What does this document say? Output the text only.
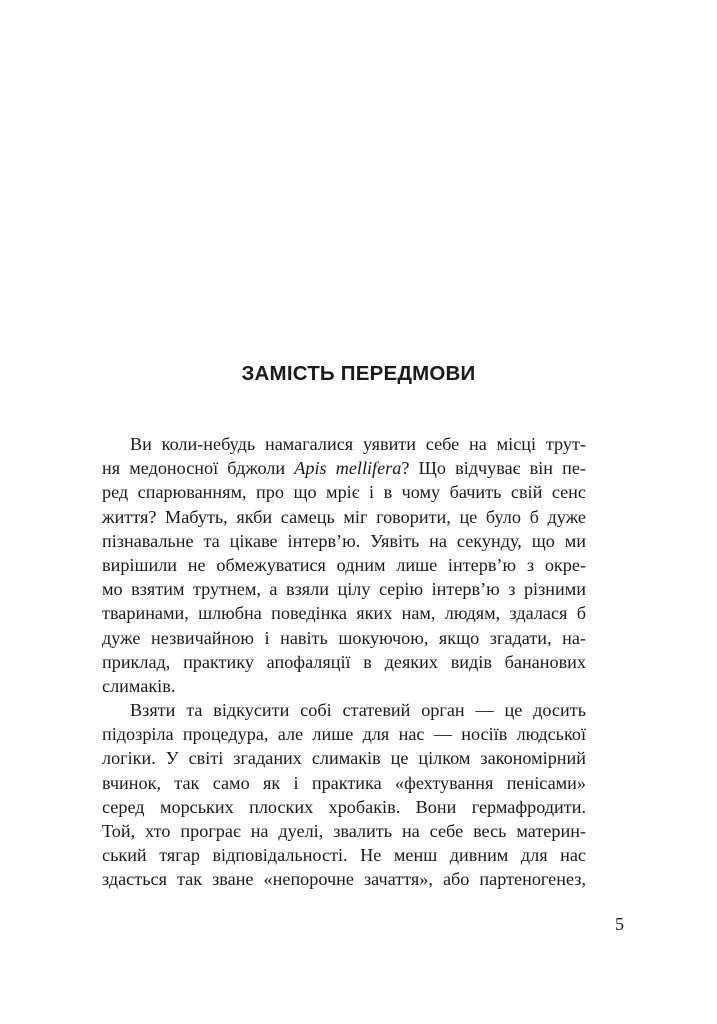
ЗАМІСТЬ ПЕРЕДМОВИ
Ви коли-небудь намагалися уявити себе на місці трут-
ня медоносної бджоли Apis mellifera? Що відчуває він пе-
ред спарюванням, про що мріє і в чому бачить свій сенс
життя? Мабуть, якби самець міг говорити, це було б дуже
пізнавальне та цікаве інтерв’ю. Уявіть на секунду, що ми
вирішили не обмежуватися одним лише інтерв’ю з окре-
мо взятим трутнем, а взяли цілу серію інтерв’ю з різними
тваринами, шлюбна поведінка яких нам, людям, здалася б
дуже незвичайною і навіть шокуючою, якщо згадати, на-
приклад, практику апофаляції в деяких видів бананових
слимаків.
Взяти та відкусити собі статевий орган — це досить
підозріла процедура, але лише для нас — носіїв людської
логіки. У світі згаданих слимаків це цілком закономірний
вчинок, так само як і практика «фехтування пенісами»
серед морських плоских хробаків. Вони гермафродити.
Той, хто програє на дуелі, звалить на себе весь материн-
ський тягар відповідальності. Не менш дивним для нас
здасться так зване «непорочне зачаття», або партеногенез,

5
